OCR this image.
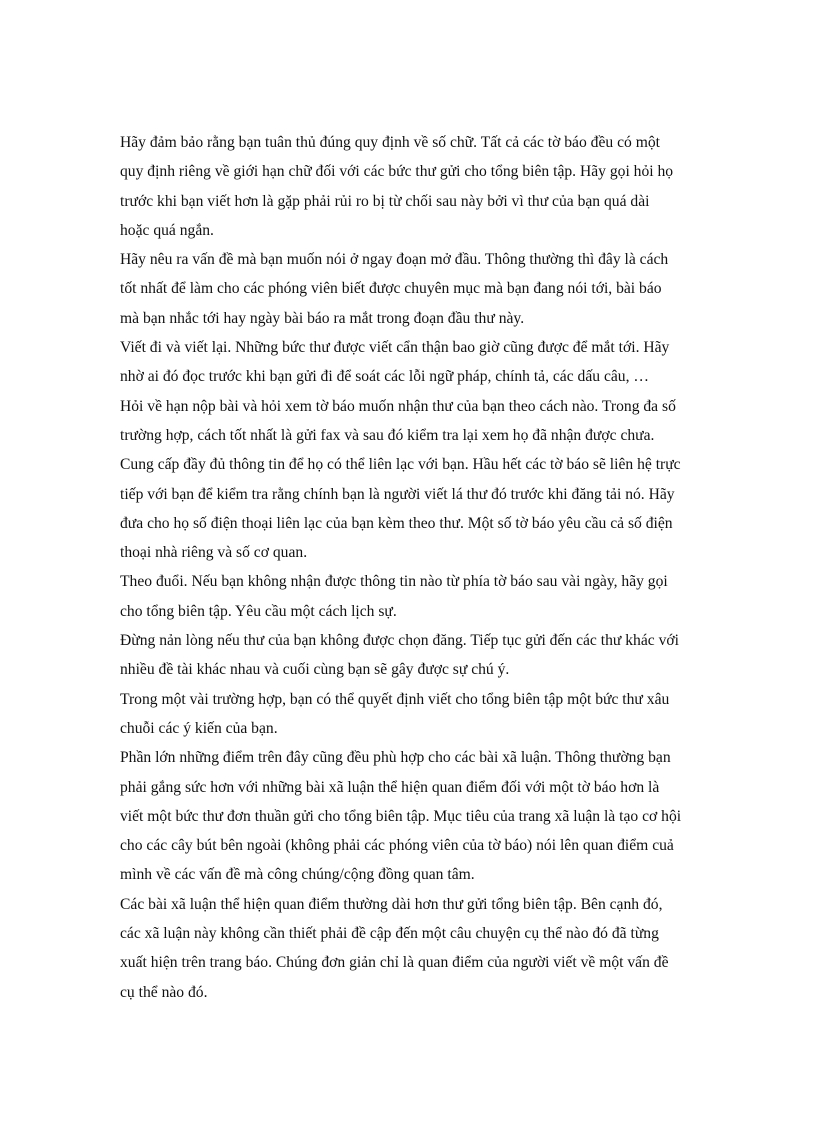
Hãy đảm bảo rằng bạn tuân thủ đúng quy định về số chữ. Tất cả các tờ báo đều có một
quy định riêng về giới hạn chữ đối với các bức thư gửi cho tổng biên tập. Hãy gọi hỏi họ
trước khi bạn viết hơn là gặp phải rủi ro bị từ chối sau này bởi vì thư của bạn quá dài
hoặc quá ngắn.

Hãy nêu ra vấn đề mà bạn muốn nói ở ngay đoạn mở đầu. Thông thường thì đây là cách
tốt nhất để làm cho các phóng viên biết được chuyên mục mà bạn đang nói tới, bài báo
mà bạn nhắc tới hay ngày bài báo ra mắt trong đoạn đầu thư này.

Viết đi và viết lại. Những bức thư được viết cẩn thận bao giờ cũng được để mắt tới. Hãy
nhờ ai đó đọc trước khi bạn gửi đi để soát các lỗi ngữ pháp, chính tả, các dấu câu, …

Hỏi về hạn nộp bài và hỏi xem tờ báo muốn nhận thư của bạn theo cách nào. Trong đa số
trường hợp, cách tốt nhất là gửi fax và sau đó kiểm tra lại xem họ đã nhận được chưa.

Cung cấp đầy đủ thông tin để họ có thể liên lạc với bạn. Hầu hết các tờ báo sẽ liên hệ trực
tiếp với bạn để kiểm tra rằng chính bạn là người viết lá thư đó trước khi đăng tải nó. Hãy
đưa cho họ số điện thoại liên lạc của bạn kèm theo thư. Một số tờ báo yêu cầu cả số điện
thoại nhà riêng và số cơ quan.

Theo đuổi. Nếu bạn không nhận được thông tin nào từ phía tờ báo sau vài ngày, hãy gọi
cho tổng biên tập. Yêu cầu một cách lịch sự.

Đừng nản lòng nếu thư của bạn không được chọn đăng. Tiếp tục gửi đến các thư khác với
nhiều đề tài khác nhau và cuối cùng bạn sẽ gây được sự chú ý.

Trong một vài trường hợp, bạn có thể quyết định viết cho tổng biên tập một bức thư xâu
chuỗi các ý kiến của bạn.

Phần lớn những điểm trên đây cũng đều phù hợp cho các bài xã luận. Thông thường bạn
phải gắng sức hơn với những bài xã luận thể hiện quan điểm đối với một tờ báo hơn là
viết một bức thư đơn thuần gửi cho tổng biên tập. Mục tiêu của trang xã luận là tạo cơ hội
cho các cây bút bên ngoài (không phải các phóng viên của tờ báo) nói lên quan điểm cuả
mình về các vấn đề mà công chúng/cộng đồng quan tâm.

Các bài xã luận thể hiện quan điểm thường dài hơn thư gửi tổng biên tập. Bên cạnh đó,
các xã luận này không cần thiết phải đề cập đến một câu chuyện cụ thể nào đó đã từng
xuất hiện trên trang báo. Chúng đơn giản chỉ là quan điểm của người viết về một vấn đề
cụ thể nào đó.
